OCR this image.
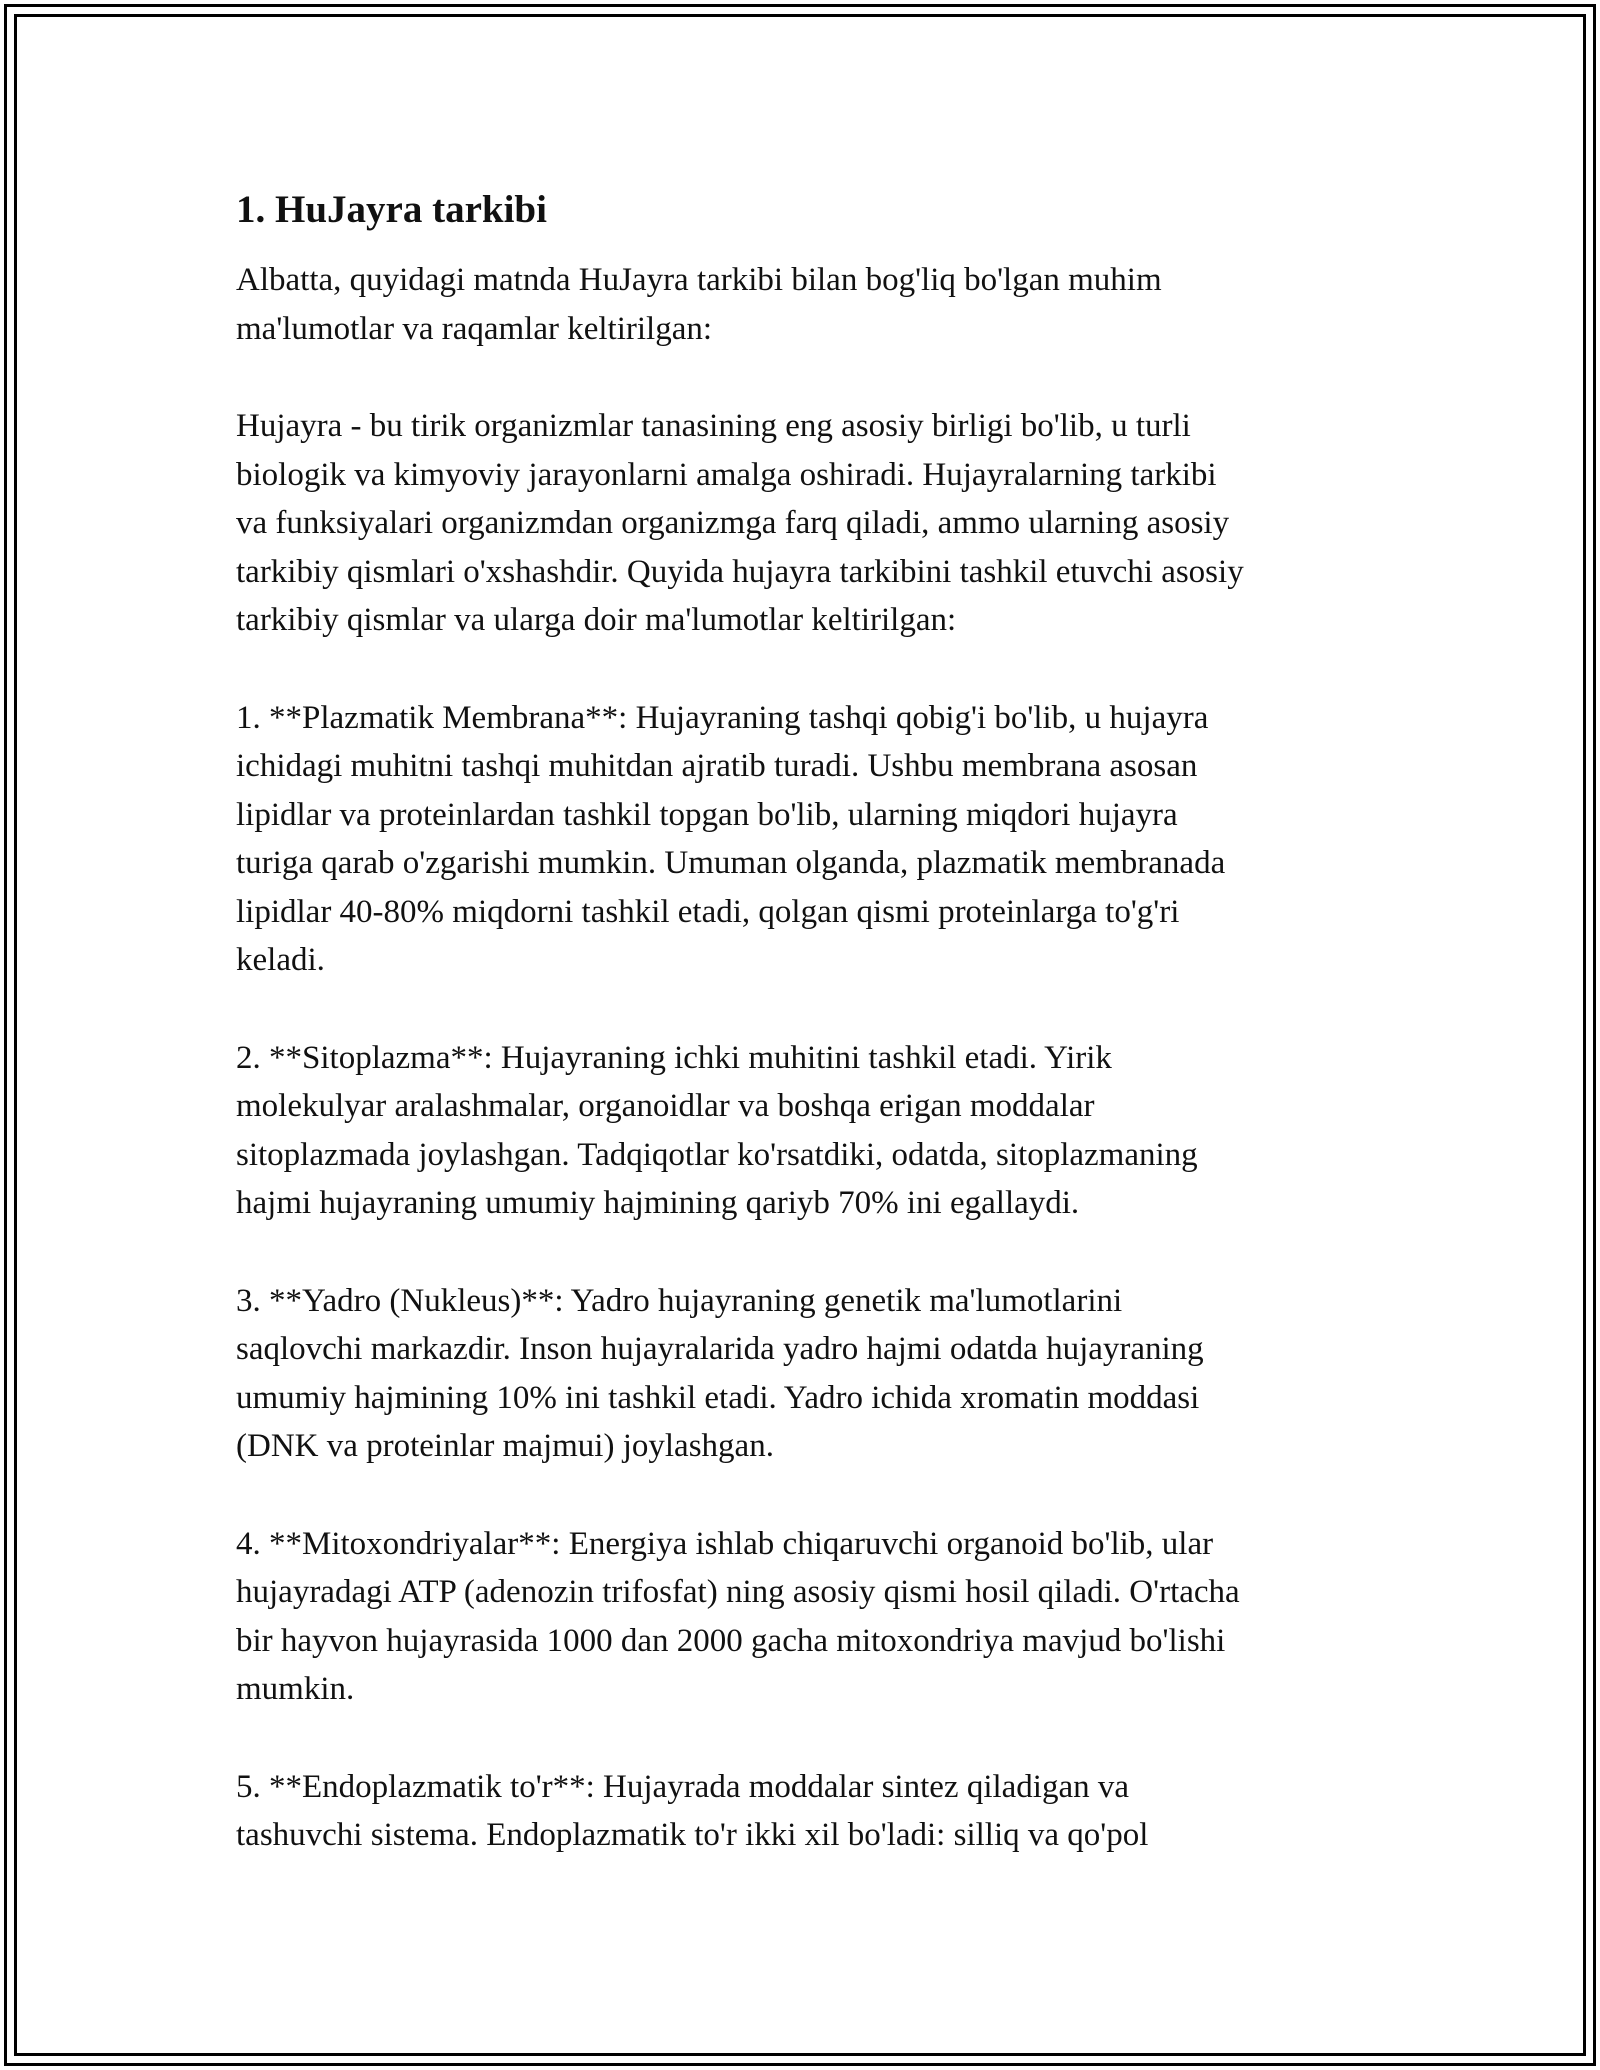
1. HuJayra tarkibi

Albatta, quyidagi matnda HuJayra tarkibi bilan bog'liq bo'lgan muhim
ma'lumotlar va raqamlar keltirilgan:

Hujayra - bu tirik organizmlar tanasining eng asosiy birligi bo'lib, u turli
biologik va kimyoviy jarayonlarni amalga oshiradi. Hujayralarning tarkibi
va funksiyalari organizmdan organizmga farq qiladi, ammo ularning asosiy
tarkibiy qismlari o'xshashdir. Quyida hujayra tarkibini tashkil etuvchi asosiy
tarkibiy qismlar va ularga doir ma'lumotlar keltirilgan:

1. **Plazmatik Membrana**: Hujayraning tashqi qobig'i bo'lib, u hujayra
ichidagi muhitni tashqi muhitdan ajratib turadi. Ushbu membrana asosan
lipidlar va proteinlardan tashkil topgan bo'lib, ularning miqdori hujayra
turiga qarab o'zgarishi mumkin. Umuman olganda, plazmatik membranada
lipidlar 40-80% miqdorni tashkil etadi, qolgan qismi proteinlarga to'g'ri
keladi.

2. **Sitoplazma**: Hujayraning ichki muhitini tashkil etadi. Yirik
molekulyar aralashmalar, organoidlar va boshqa erigan moddalar
sitoplazmada joylashgan. Tadqiqotlar ko'rsatdiki, odatda, sitoplazmaning
hajmi hujayraning umumiy hajmining qariyb 70% ini egallaydi.

3. **Yadro (Nukleus)**: Yadro hujayraning genetik ma'lumotlarini
saqlovchi markazdir. Inson hujayralarida yadro hajmi odatda hujayraning
umumiy hajmining 10% ini tashkil etadi. Yadro ichida xromatin moddasi
(DNK va proteinlar majmui) joylashgan.

4. **Mitoxondriyalar**: Energiya ishlab chiqaruvchi organoid bo'lib, ular
hujayradagi ATP (adenozin trifosfat) ning asosiy qismi hosil qiladi. O'rtacha
bir hayvon hujayrasida 1000 dan 2000 gacha mitoxondriya mavjud bo'lishi
mumkin.

5. **Endoplazmatik to'r**: Hujayrada moddalar sintez qiladigan va
tashuvchi sistema. Endoplazmatik to'r ikki xil bo'ladi: silliq va qo'pol
